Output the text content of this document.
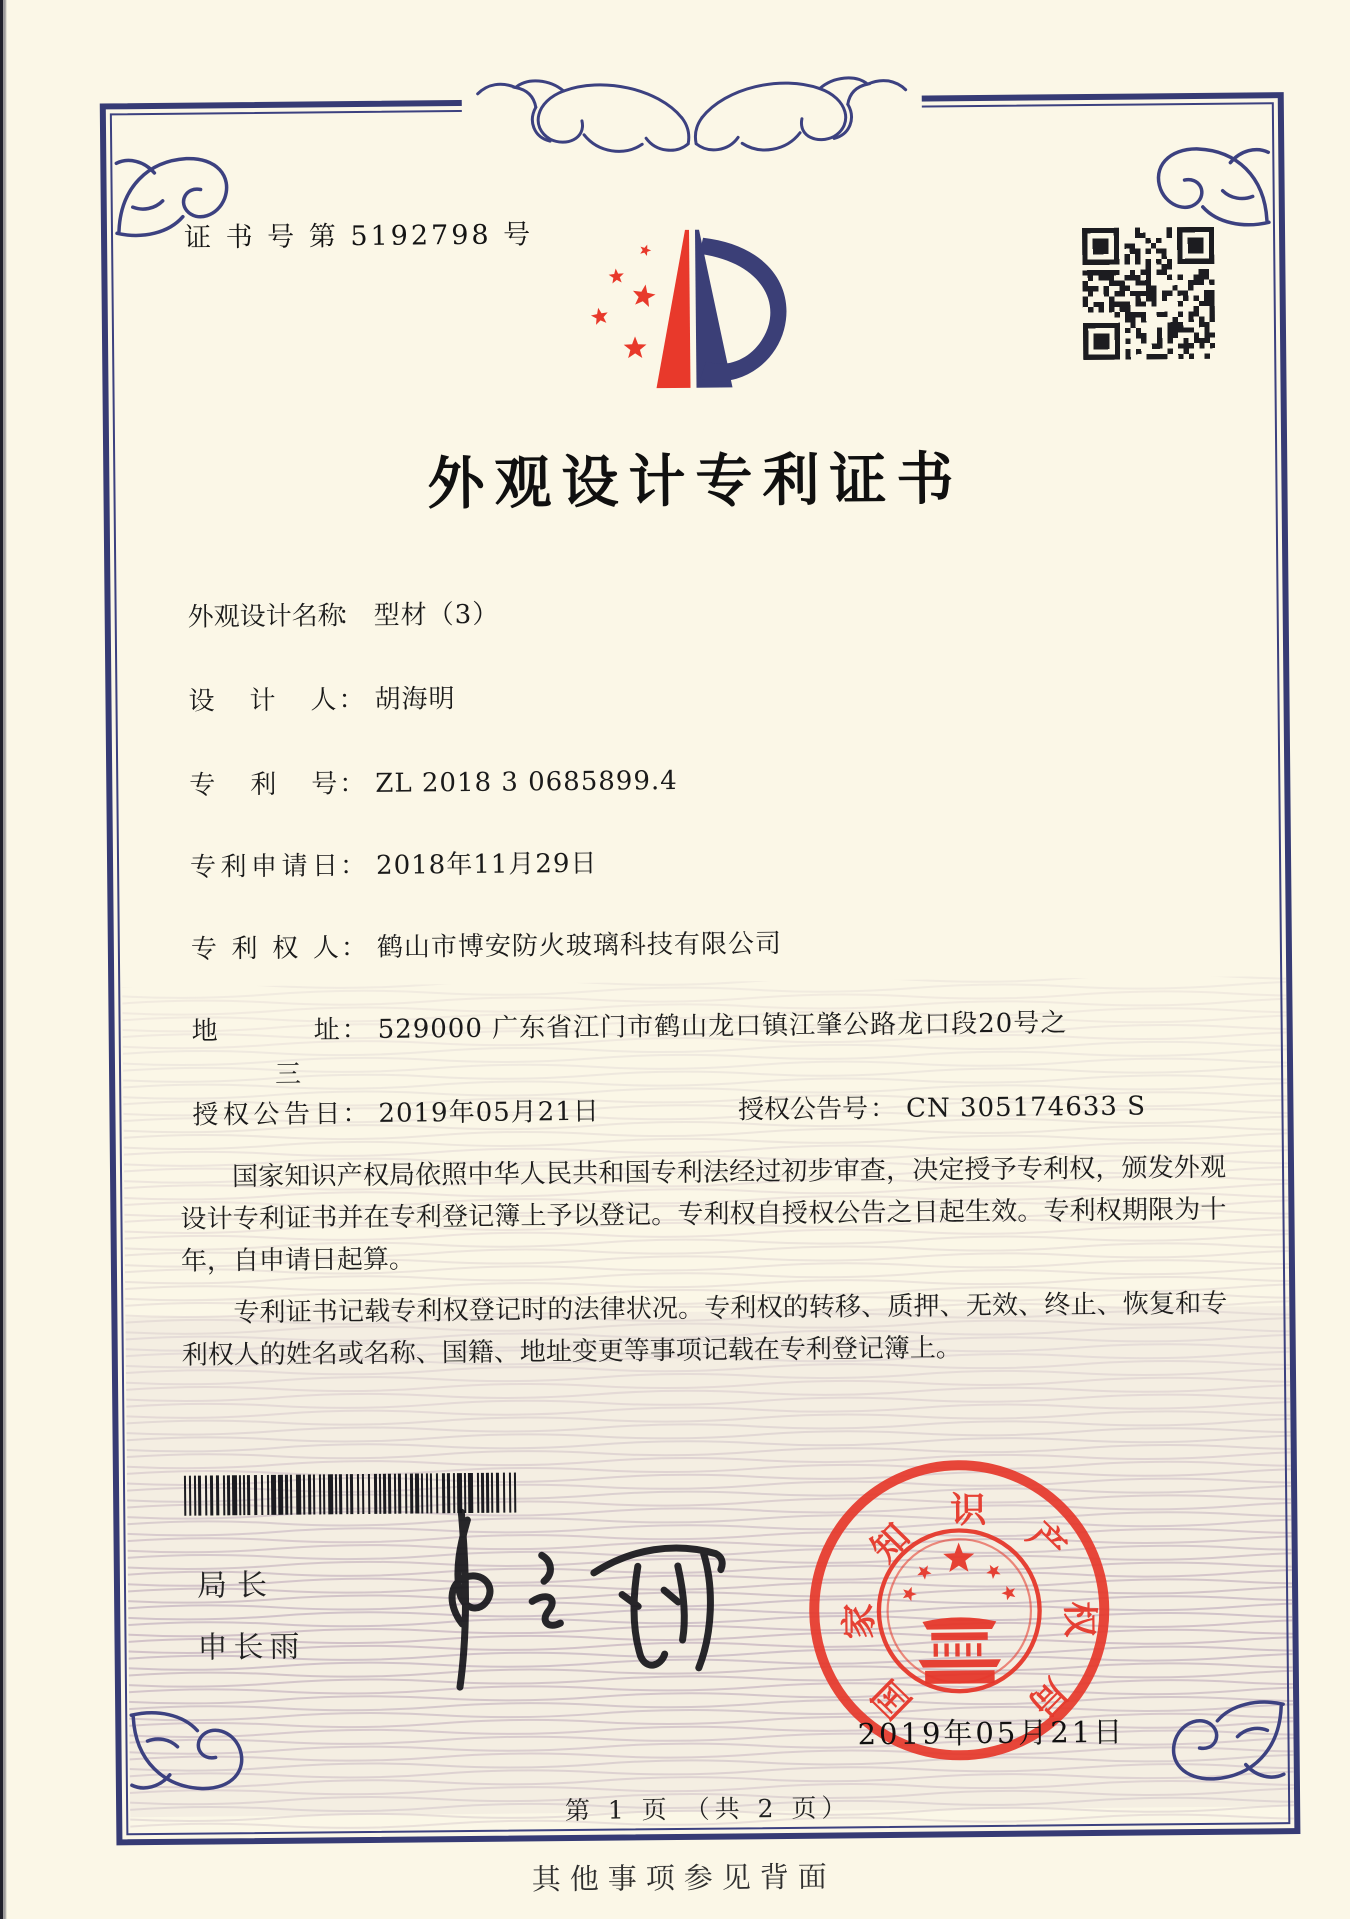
证 书 号 第 5192798 号
外观设计专利证书
外观设计名称： 型材（3）
设计人： 胡海明
专利号： ZL 2018 3 0685899.4
专利申请日： 2018年11月29日
专利权人： 鹤山市博安防火玻璃科技有限公司
地址： 529000 广东省江门市鹤山龙口镇江肇公路龙口段20号之
三
授权公告日： 2019年05月21日	授权公告号： CN 305174633 S

国家知识产权局依照中华人民共和国专利法经过初步审查，决定授予专利权，颁发外观设计专利证书并在专利登记簿上予以登记。专利权自授权公告之日起生效。专利权期限为十年，自申请日起算。

专利证书记载专利权登记时的法律状况。专利权的转移、质押、无效、终止、恢复和专利权人的姓名或名称、国籍、地址变更等事项记载在专利登记簿上。

局长
申长雨
国
家
知
识
产
权
局
2019年05月21日
第 1 页 （共 2 页）
其他事项参见背面
